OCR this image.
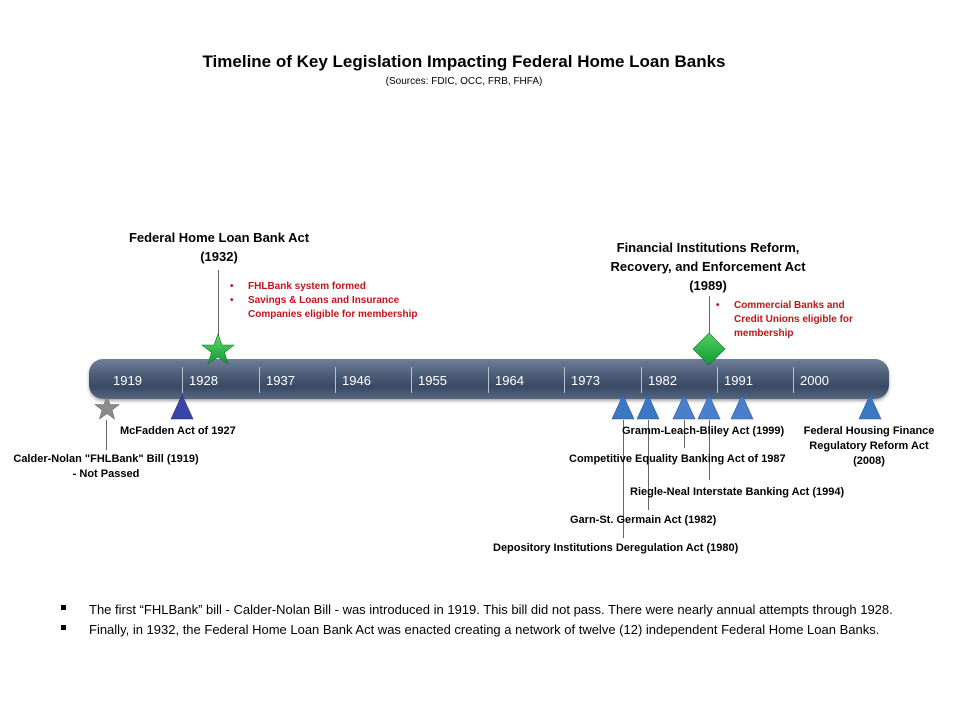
Timeline of Key Legislation Impacting Federal Home Loan Banks
(Sources: FDIC, OCC, FRB, FHFA)
1919	1928	1937	1946	1955	1964	1973	1982	1991	2000
Federal Home Loan Bank Act
(1932)
• FHLBank system formed
• Savings & Loans and Insurance Companies eligible for membership
Financial Institutions Reform,
Recovery, and Enforcement Act
(1989)
• Commercial Banks and Credit Unions eligible for membership
Calder-Nolan "FHLBank" Bill (1919)
- Not Passed
McFadden Act of 1927	Gramm-Leach-Bliley Act (1999)
Competitive Equality Banking Act of 1987
Riegle-Neal Interstate Banking Act (1994)
Garn-St. Germain Act (1982)
Depository Institutions Deregulation Act (1980)
Federal Housing Finance
Regulatory Reform Act
(2008)
The first “FHLBank” bill - Calder-Nolan Bill - was introduced in 1919. This bill did not pass. There were nearly annual attempts through 1928.
Finally, in 1932, the Federal Home Loan Bank Act was enacted creating a network of twelve (12) independent Federal Home Loan Banks.
